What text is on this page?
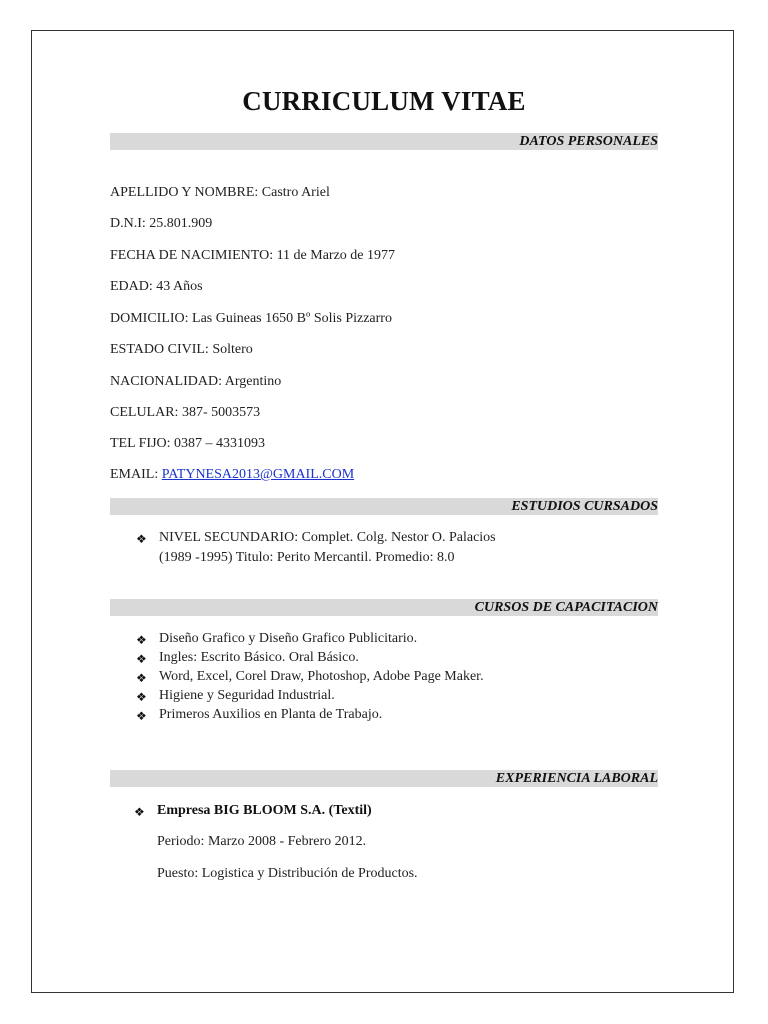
CURRICULUM VITAE
DATOS PERSONALES
APELLIDO Y NOMBRE: Castro Ariel
D.N.I: 25.801.909
FECHA DE NACIMIENTO: 11 de Marzo de 1977
EDAD: 43 Años
DOMICILIO: Las Guineas 1650 Bº Solis Pizzarro
ESTADO CIVIL: Soltero
NACIONALIDAD: Argentino
CELULAR: 387- 5003573
TEL FIJO: 0387 – 4331093
EMAIL: PATYNESA2013@GMAIL.COM
ESTUDIOS CURSADOS
❖ NIVEL SECUNDARIO: Complet. Colg. Nestor O. Palacios
(1989 -1995) Titulo: Perito Mercantil. Promedio: 8.0
CURSOS DE CAPACITACION
❖ Diseño Grafico y Diseño Grafico Publicitario.
❖ Ingles: Escrito Básico. Oral Básico.
❖ Word, Excel, Corel Draw, Photoshop, Adobe Page Maker.
❖ Higiene y Seguridad Industrial.
❖ Primeros Auxilios en Planta de Trabajo.
EXPERIENCIA LABORAL
❖ Empresa BIG BLOOM S.A. (Textil)
Periodo: Marzo 2008 - Febrero 2012.
Puesto: Logistica y Distribución de Productos.
